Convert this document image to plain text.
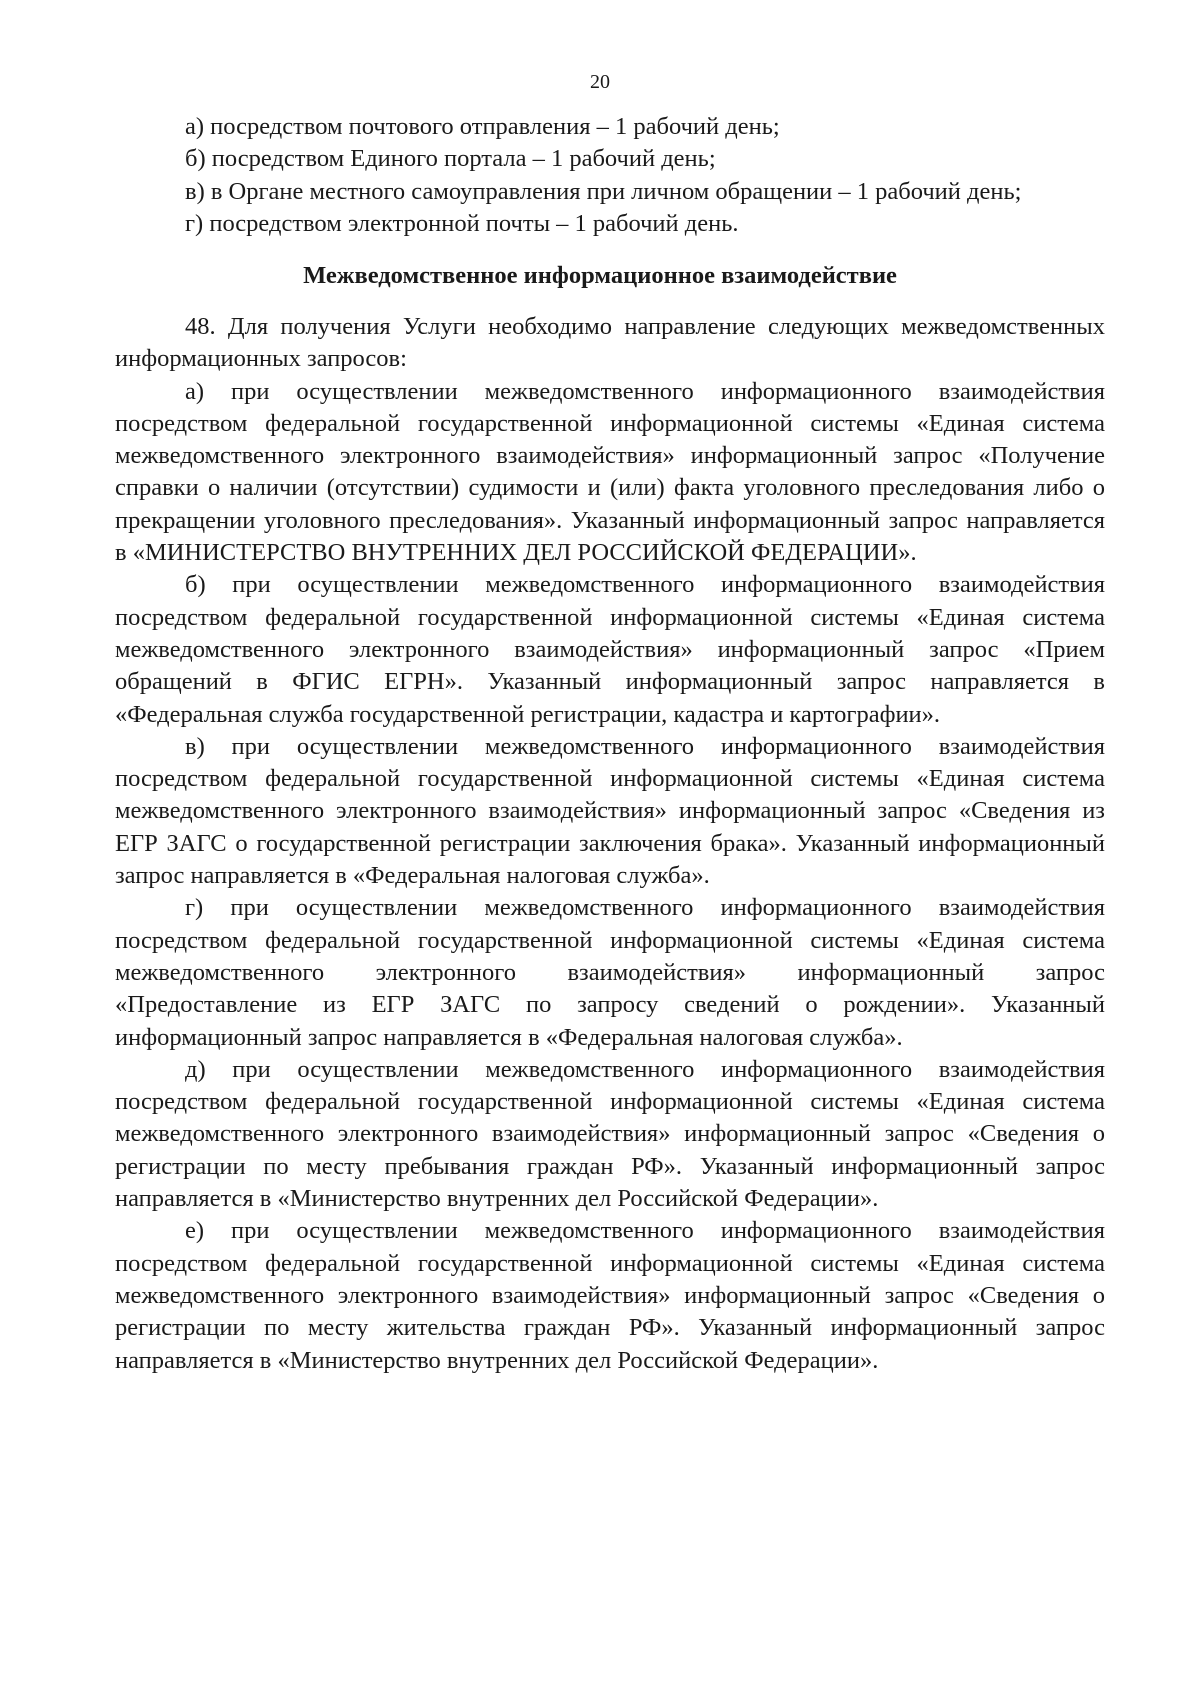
20
а) посредством почтового отправления – 1 рабочий день;
б) посредством Единого портала – 1 рабочий день;
в) в Органе местного самоуправления при личном обращении – 1 рабочий день;
г) посредством электронной почты – 1 рабочий день.
Межведомственное информационное взаимодействие

48. Для получения Услуги необходимо направление следующих межведомственных информационных запросов:

а) при осуществлении межведомственного информационного взаимодействия посредством федеральной государственной информационной системы «Единая система межведомственного электронного взаимодействия» информационный запрос «Получение справки о наличии (отсутствии) судимости и (или) факта уголовного преследования либо о прекращении уголовного преследования». Указанный информационный запрос направляется в «МИНИСТЕРСТВО ВНУТРЕННИХ ДЕЛ РОССИЙСКОЙ ФЕДЕРАЦИИ».

б) при осуществлении межведомственного информационного взаимодействия посредством федеральной государственной информационной системы «Единая система межведомственного электронного взаимодействия» информационный запрос «Прием обращений в ФГИС ЕГРН». Указанный информационный запрос направляется в «Федеральная служба государственной регистрации, кадастра и картографии».

в) при осуществлении межведомственного информационного взаимодействия посредством федеральной государственной информационной системы «Единая система межведомственного электронного взаимодействия» информационный запрос «Сведения из ЕГР ЗАГС о государственной регистрации заключения брака». Указанный информационный запрос направляется в «Федеральная налоговая служба».

г) при осуществлении межведомственного информационного взаимодействия посредством федеральной государственной информационной системы «Единая система межведомственного электронного взаимодействия» информационный запрос «Предоставление из ЕГР ЗАГС по запросу сведений о рождении». Указанный информационный запрос направляется в «Федеральная налоговая служба».

д) при осуществлении межведомственного информационного взаимодействия посредством федеральной государственной информационной системы «Единая система межведомственного электронного взаимодействия» информационный запрос «Сведения о регистрации по месту пребывания граждан РФ». Указанный информационный запрос направляется в «Министерство внутренних дел Российской Федерации».

е) при осуществлении межведомственного информационного взаимодействия посредством федеральной государственной информационной системы «Единая система межведомственного электронного взаимодействия» информационный запрос «Сведения о регистрации по месту жительства граждан РФ». Указанный информационный запрос направляется в «Министерство внутренних дел Российской Федерации».
